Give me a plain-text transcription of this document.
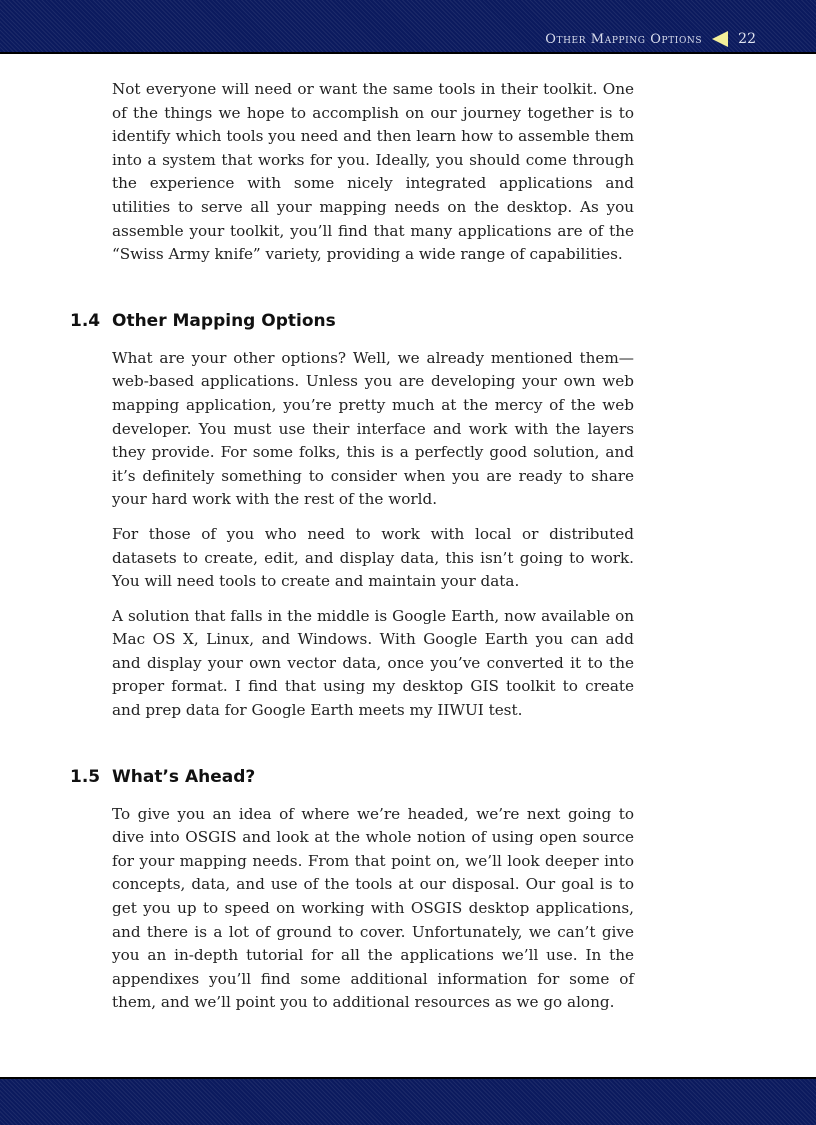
Other Mapping Options	22

Not everyone will need or want the same tools in their toolkit. One of the things we hope to accomplish on our journey together is to identify which tools you need and then learn how to assemble them into a system that works for you. Ideally, you should come through the experience with some nicely integrated applications and utilities to serve all your mapping needs on the desktop. As you assemble your toolkit, you’ll find that many applications are of the “Swiss Army knife” variety, providing a wide range of capabilities.

1.4 Other Mapping Options

What are your other options? Well, we already mentioned them—web-based applications. Unless you are developing your own web mapping application, you’re pretty much at the mercy of the web developer. You must use their interface and work with the layers they provide. For some folks, this is a perfectly good solution, and it’s definitely something to consider when you are ready to share your hard work with the rest of the world.

For those of you who need to work with local or distributed datasets to create, edit, and display data, this isn’t going to work. You will need tools to create and maintain your data.

A solution that falls in the middle is Google Earth, now available on Mac OS X, Linux, and Windows. With Google Earth you can add and display your own vector data, once you’ve converted it to the proper format. I find that using my desktop GIS toolkit to create and prep data for Google Earth meets my IIWUI test.

1.5 What’s Ahead?

To give you an idea of where we’re headed, we’re next going to dive into OSGIS and look at the whole notion of using open source for your mapping needs. From that point on, we’ll look deeper into concepts, data, and use of the tools at our disposal. Our goal is to get you up to speed on working with OSGIS desktop applications, and there is a lot of ground to cover. Unfortunately, we can’t give you an in-depth tutorial for all the applications we’ll use. In the appendixes you’ll find some additional information for some of them, and we’ll point you to additional resources as we go along.
